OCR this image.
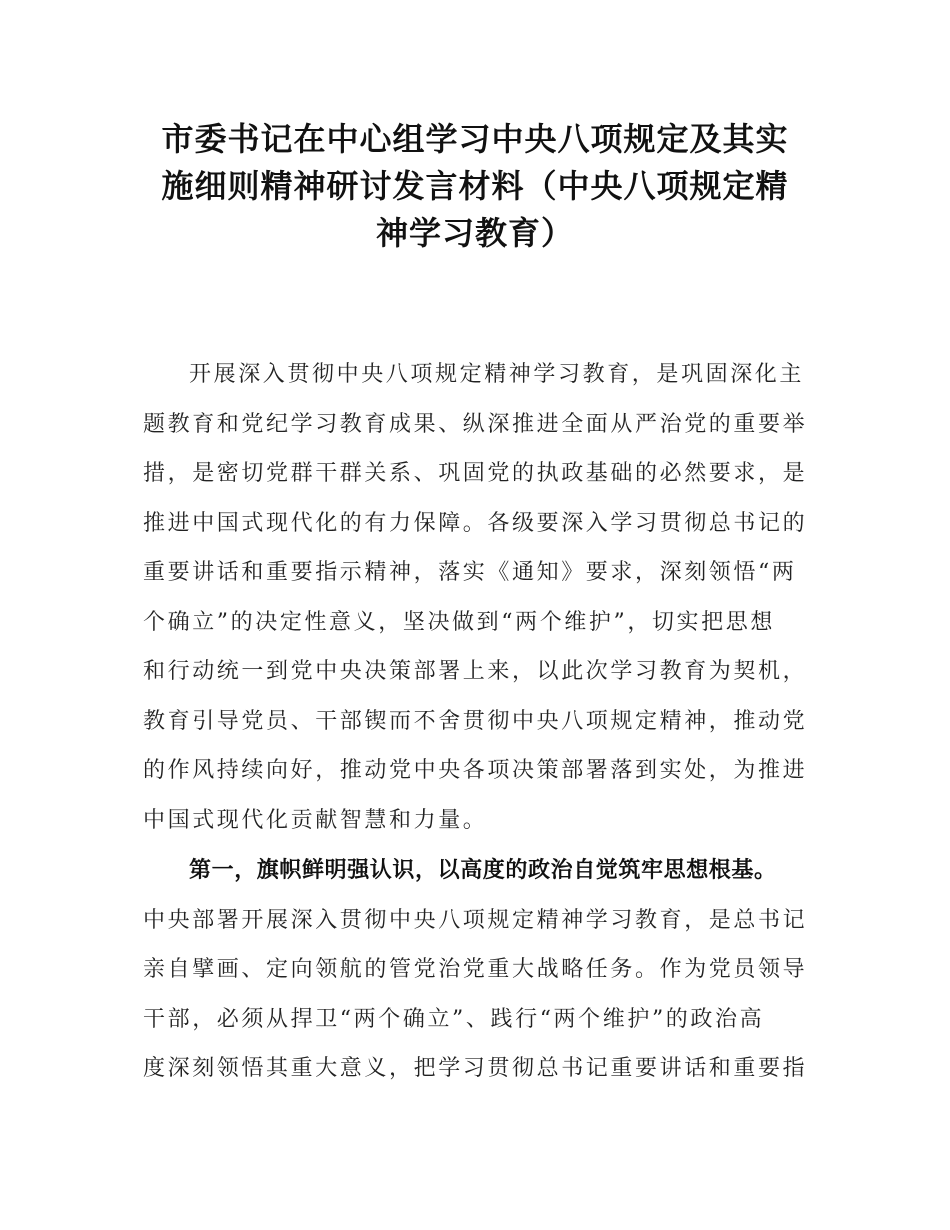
市委书记在中心组学习中央八项规定及其实
施细则精神研讨发言材料（中央八项规定精
神学习教育）
开展深入贯彻中央八项规定精神学习教育，是巩固深化主
题教育和党纪学习教育成果、纵深推进全面从严治党的重要举
措，是密切党群干群关系、巩固党的执政基础的必然要求，是
推进中国式现代化的有力保障。各级要深入学习贯彻总书记的
重要讲话和重要指示精神，落实《通知》要求，深刻领悟“两
个确立”的决定性意义，坚决做到“两个维护”，切实把思想
和行动统一到党中央决策部署上来，以此次学习教育为契机，
教育引导党员、干部锲而不舍贯彻中央八项规定精神，推动党
的作风持续向好，推动党中央各项决策部署落到实处，为推进
中国式现代化贡献智慧和力量。
第一，旗帜鲜明强认识，以高度的政治自觉筑牢思想根基。
中央部署开展深入贯彻中央八项规定精神学习教育，是总书记
亲自擘画、定向领航的管党治党重大战略任务。作为党员领导
干部，必须从捍卫“两个确立”、践行“两个维护”的政治高
度深刻领悟其重大意义，把学习贯彻总书记重要讲话和重要指
